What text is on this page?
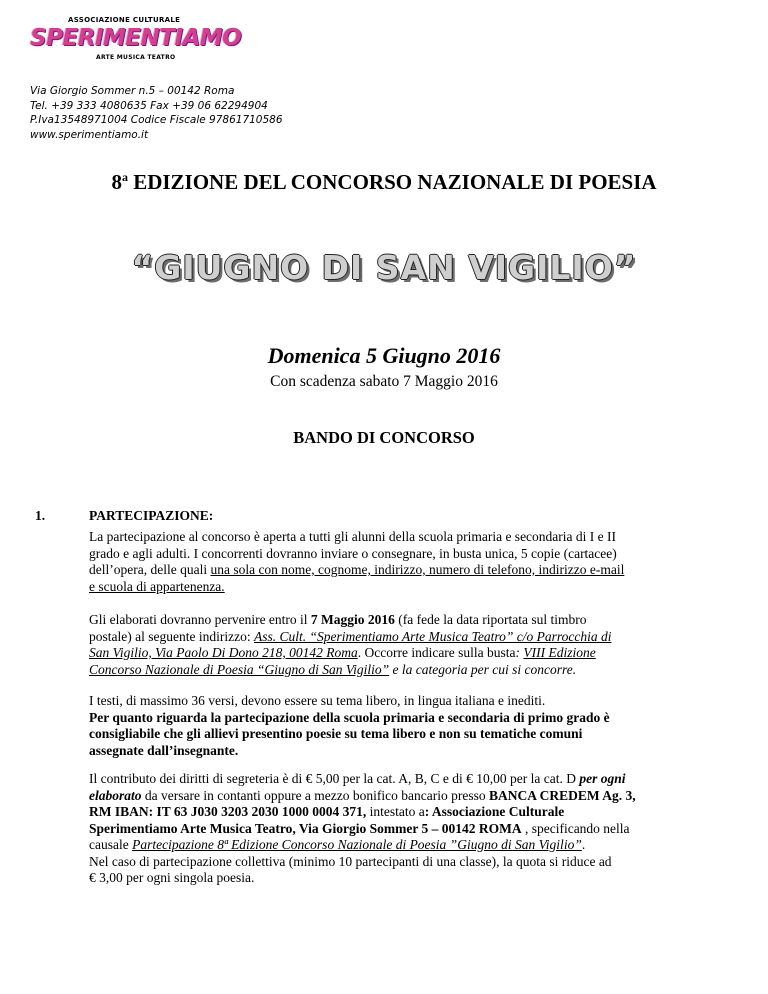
ASSOCIAZIONE CULTURALE
SPERIMENTIAMO
ARTE MUSICA TEATRO
Via Giorgio Sommer n.5 – 00142 Roma
Tel. +39 333 4080635 Fax +39 06 62294904
P.Iva13548971004 Codice Fiscale 97861710586
www.sperimentiamo.it
8$^a$ EDIZIONE DEL CONCORSO NAZIONALE DI POESIA
“GIUGNO DI SAN VIGILIO”
Domenica 5 Giugno 2016
Con scadenza sabato 7 Maggio 2016
BANDO DI CONCORSO
1.	PARTECIPAZIONE:
La partecipazione al concorso è aperta a tutti gli alunni della scuola primaria e secondaria di I e II
grado e agli adulti. I concorrenti dovranno inviare o consegnare, in busta unica, 5 copie (cartacee)
dell’opera, delle quali una sola con nome, cognome, indirizzo, numero di telefono, indirizzo e-mail
e scuola di appartenenza.
Gli elaborati dovranno pervenire entro il 7 Maggio 2016 (fa fede la data riportata sul timbro
postale) al seguente indirizzo: Ass. Cult. “Sperimentiamo Arte Musica Teatro” c/o Parrocchia di
San Vigilio, Via Paolo Di Dono 218, 00142 Roma. Occorre indicare sulla busta: VIII Edizione
Concorso Nazionale di Poesia “Giugno di San Vigilio” e la categoria per cui si concorre.
I testi, di massimo 36 versi, devono essere su tema libero, in lingua italiana e inediti.
Per quanto riguarda la partecipazione della scuola primaria e secondaria di primo grado è
consigliabile che gli allievi presentino poesie su tema libero e non su tematiche comuni
assegnate dall’insegnante.
Il contributo dei diritti di segreteria è di € 5,00 per la cat. A, B, C e di € 10,00 per la cat. D per ogni
elaborato da versare in contanti oppure a mezzo bonifico bancario presso BANCA CREDEM Ag. 3,
RM IBAN: IT 63 J030 3203 2030 1000 0004 371, intestato a: Associazione Culturale
Sperimentiamo Arte Musica Teatro, Via Giorgio Sommer 5 – 00142 ROMA , specificando nella
causale Partecipazione 8ª Edizione Concorso Nazionale di Poesia ”Giugno di San Vigilio”.
Nel caso di partecipazione collettiva (minimo 10 partecipanti di una classe), la quota si riduce ad
€ 3,00 per ogni singola poesia.
